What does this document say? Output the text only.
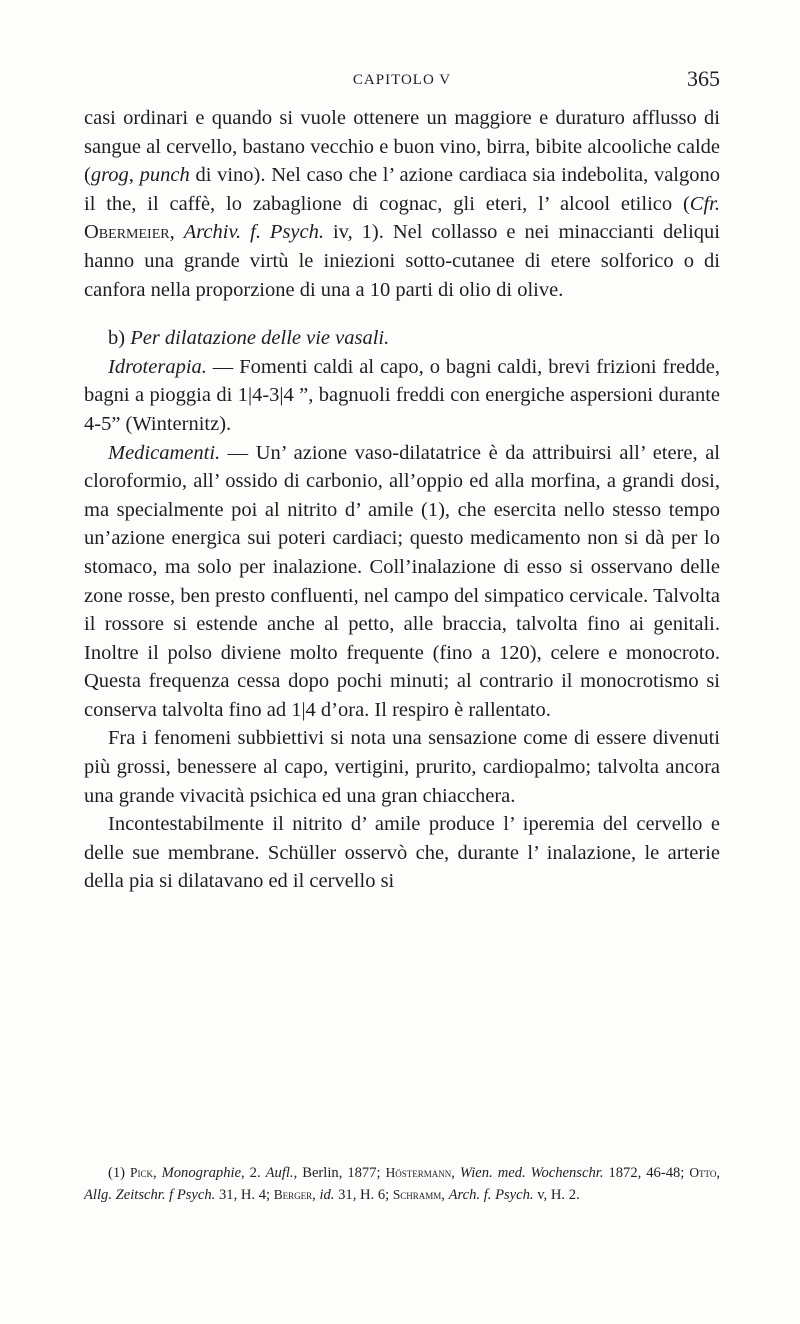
CAPITOLO V	365

casi ordinari e quando si vuole ottenere un maggiore e duraturo afflusso di sangue al cervello, bastano vecchio e buon vino, birra, bibite alcooliche calde (grog, punch di vino). Nel caso che l’ azione cardiaca sia indebolita, valgono il the, il caffè, lo zabaglione di cognac, gli eteri, l’ alcool etilico (Cfr. Obermeier, Archiv. f. Psych. iv, 1). Nel collasso e nei minaccianti deliqui hanno una grande virtù le iniezioni sotto-cutanee di etere solforico o di canfora nella proporzione di una a 10 parti di olio di olive.

b) Per dilatazione delle vie vasali.

Idroterapia. — Fomenti caldi al capo, o bagni caldi, brevi frizioni fredde, bagni a pioggia di 1|4-3|4 ”, bagnuoli freddi con energiche aspersioni durante 4-5” (Winternitz).

Medicamenti. — Un’ azione vaso-dilatatrice è da attribuirsi all’ etere, al cloroformio, all’ ossido di carbonio, all’oppio ed alla morfina, a grandi dosi, ma specialmente poi al nitrito d’ amile (1), che esercita nello stesso tempo un’azione energica sui poteri cardiaci; questo medicamento non si dà per lo stomaco, ma solo per inalazione. Coll’inalazione di esso si osservano delle zone rosse, ben presto confluenti, nel campo del simpatico cervicale. Talvolta il rossore si estende anche al petto, alle braccia, talvolta fino ai genitali. Inoltre il polso diviene molto frequente (fino a 120), celere e monocroto. Questa frequenza cessa dopo pochi minuti; al contrario il monocrotismo si conserva talvolta fino ad 1|4 d’ora. Il respiro è rallentato.

Fra i fenomeni subbiettivi si nota una sensazione come di essere divenuti più grossi, benessere al capo, vertigini, prurito, cardiopalmo; talvolta ancora una grande vivacità psichica ed una gran chiacchera.

Incontestabilmente il nitrito d’ amile produce l’ iperemia del cervello e delle sue membrane. Schüller osservò che, durante l’ inalazione, le arterie della pia si dilatavano ed il cervello si

(1) Pick, Monographie, 2. Aufl., Berlin, 1877; Höstermann, Wien. med. Wochenschr. 1872, 46-48; Otto, Allg. Zeitschr. f Psych. 31, H. 4; Berger, id. 31, H. 6; Schramm, Arch. f. Psych. v, H. 2.
